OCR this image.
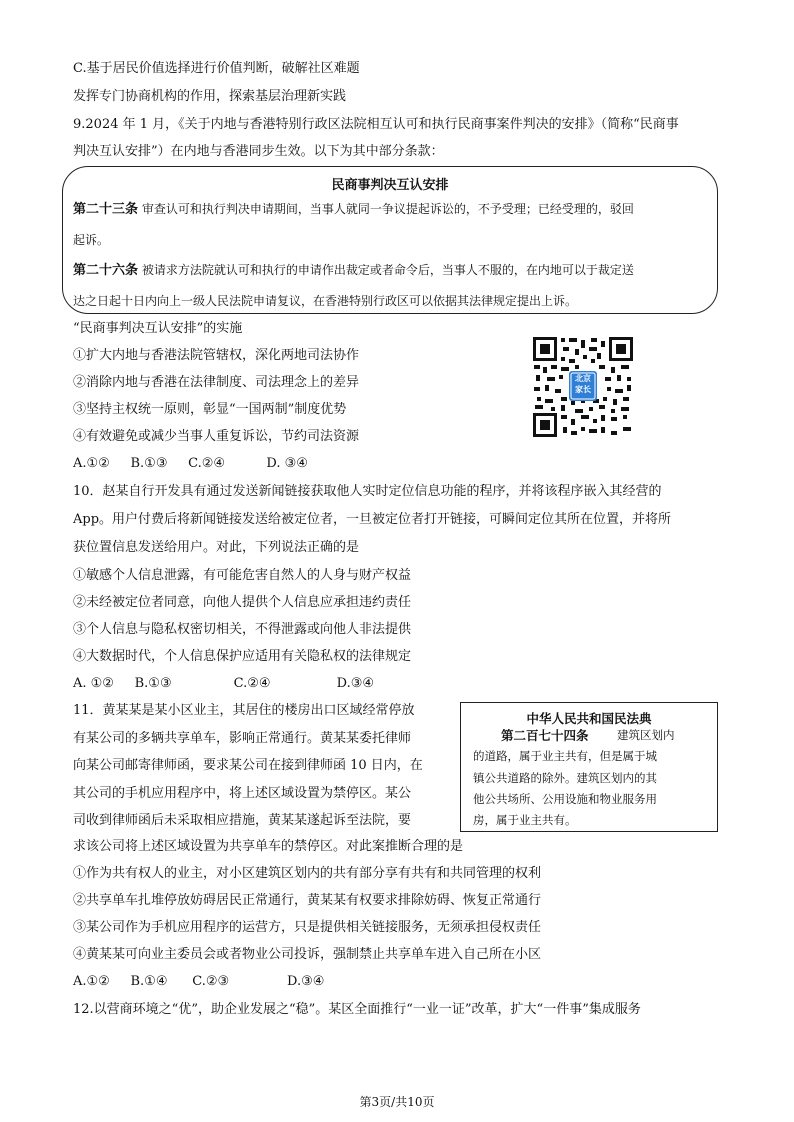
C.基于居民价值选择进行价值判断，破解社区难题
发挥专门协商机构的作用，探索基层治理新实践
9.2024 年 1 月，《关于内地与香港特别行政区法院相互认可和执行民商事案件判决的安排》（简称“民商事
判决互认安排”）在内地与香港同步生效。以下为其中部分条款：
民商事判决互认安排
第二十三条 审查认可和执行判决申请期间，当事人就同一争议提起诉讼的，不予受理；已经受理的，驳回
起诉。
第二十六条 被请求方法院就认可和执行的申请作出裁定或者命令后，当事人不服的，在内地可以于裁定送
达之日起十日内向上一级人民法院申请复议，在香港特别行政区可以依据其法律规定提出上诉。
“民商事判决互认安排”的实施
①扩大内地与香港法院管辖权，深化两地司法协作
②消除内地与香港在法律制度、司法理念上的差异
③坚持主权统一原则，彰显“一国两制”制度优势
④有效避免或减少当事人重复诉讼，节约司法资源
A.①②     B.①③     C.②④          D. ③④
北京 家长
10．赵某自行开发具有通过发送新闻链接获取他人实时定位信息功能的程序，并将该程序嵌入其经营的
App。用户付费后将新闻链接发送给被定位者，一旦被定位者打开链接，可瞬间定位其所在位置，并将所
获位置信息发送给用户。对此，下列说法正确的是
①敏感个人信息泄露，有可能危害自然人的人身与财产权益
②未经被定位者同意，向他人提供个人信息应承担违约责任
③个人信息与隐私权密切相关，不得泄露或向他人非法提供
④大数据时代，个人信息保护应适用有关隐私权的法律规定
A. ①②     B.①③               C.②④                D.③④
11．黄某某是某小区业主，其居住的楼房出口区域经常停放
有某公司的多辆共享单车，影响正常通行。黄某某委托律师
向某公司邮寄律师函，要求某公司在接到律师函 10 日内，在
其公司的手机应用程序中，将上述区域设置为禁停区。某公
司收到律师函后未采取相应措施，黄某某遂起诉至法院，要
求该公司将上述区域设置为共享单车的禁停区。对此案推断合理的是
中华人民共和国民法典
第二百七十四条 建筑区划内
的道路，属于业主共有，但是属于城
镇公共道路的除外。建筑区划内的其
他公共场所、公用设施和物业服务用
房，属于业主共有。
①作为共有权人的业主，对小区建筑区划内的共有部分享有共有和共同管理的权利
②共享单车扎堆停放妨碍居民正常通行，黄某某有权要求排除妨碍、恢复正常通行
③某公司作为手机应用程序的运营方，只是提供相关链接服务，无须承担侵权责任
④黄某某可向业主委员会或者物业公司投诉，强制禁止共享单车进入自己所在小区
A.①②     B.①④      C.②③              D.③④
12.以营商环境之“优”，助企业发展之“稳”。某区全面推行“一业一证”改革，扩大“一件事”集成服务
第3页/共10页
